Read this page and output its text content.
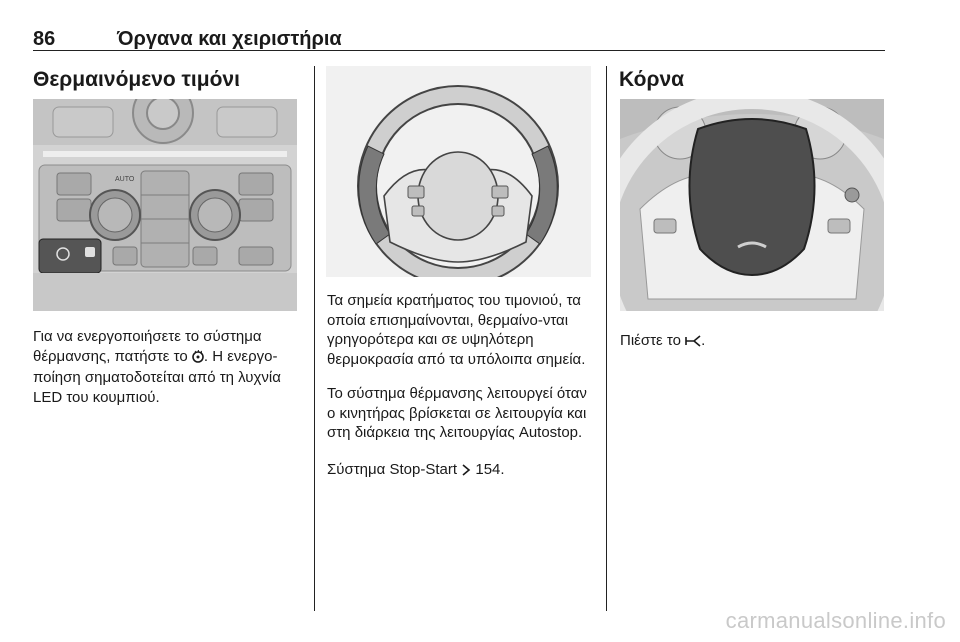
86	Όργανα και χειριστήρια
Θερμαινόμενο τιμόνι
AUTO

Για να ενεργοποιήσετε το σύστημα θέρμανσης, πατήστε το . Η ενεργο-ποίηση σηματοδοτείται από τη λυχνία LED του κουμπιού.

Τα σημεία κρατήματος του τιμονιού, τα οποία επισημαίνονται, θερμαίνο-νται γρηγορότερα και σε υψηλότερη θερμοκρασία από τα υπόλοιπα σημεία.

Το σύστημα θέρμανσης λειτουργεί όταν ο κινητήρας βρίσκεται σε λειτουργία και στη διάρκεια της λειτουργίας Autostop.

Σύστημα Stop-Start  154.

Κόρνα

Πιέστε το .

carmanualsonline.info
